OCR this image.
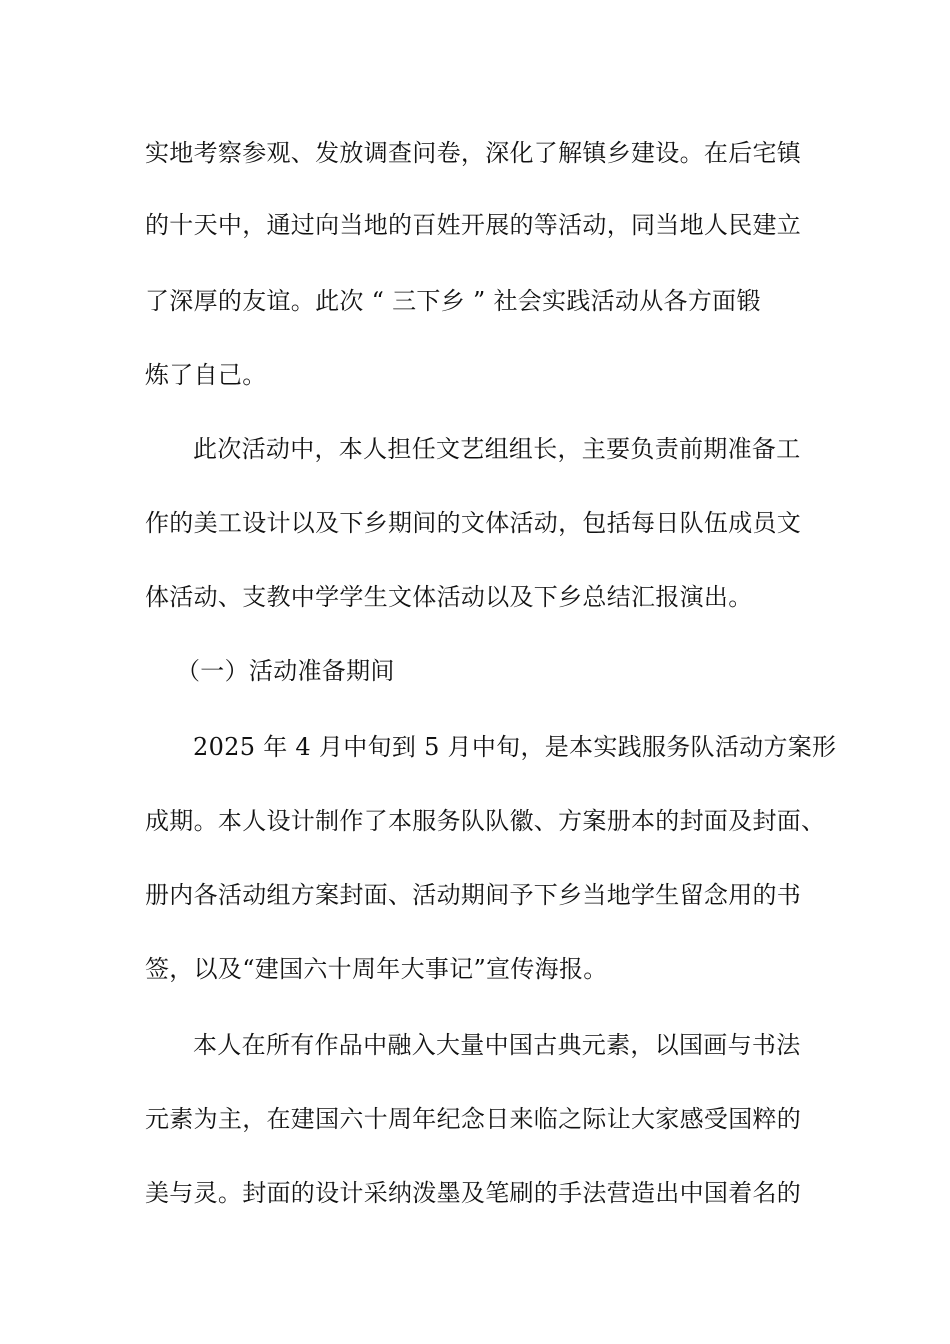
实地考察参观、发放调查问卷，深化了解镇乡建设。在后宅镇
的十天中，通过向当地的百姓开展的等活动，同当地人民建立
了深厚的友谊。此次 “ 三下乡 ” 社会实践活动从各方面锻
炼了自己。
此次活动中，本人担任文艺组组长，主要负责前期准备工
作的美工设计以及下乡期间的文体活动，包括每日队伍成员文
体活动、支教中学学生文体活动以及下乡总结汇报演出。
（一）活动准备期间
2025 年 4 月中旬到 5 月中旬，是本实践服务队活动方案形
成期。本人设计制作了本服务队队徽、方案册本的封面及封面、
册内各活动组方案封面、活动期间予下乡当地学生留念用的书
签，以及“建国六十周年大事记”宣传海报。
本人在所有作品中融入大量中国古典元素，以国画与书法
元素为主，在建国六十周年纪念日来临之际让大家感受国粹的
美与灵。封面的设计采纳泼墨及笔刷的手法营造出中国着名的
